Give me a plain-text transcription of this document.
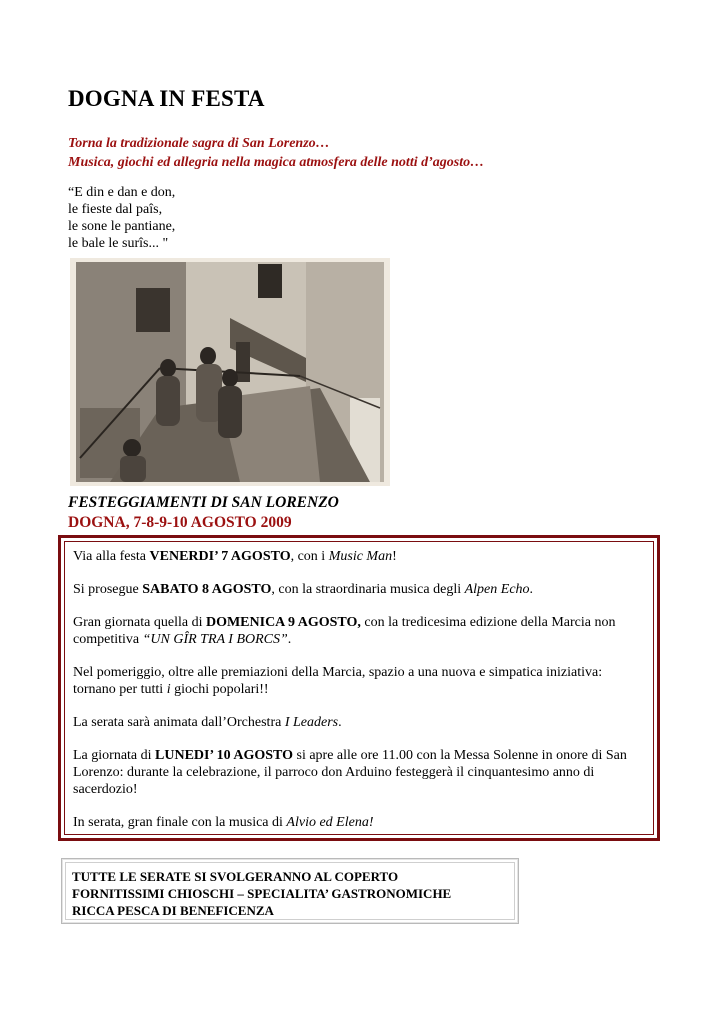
DOGNA IN FESTA
Torna la tradizionale sagra di San Lorenzo…
Musica, giochi ed allegria nella magica atmosfera delle notti d’agosto…
“E din e dan e don,
le fieste dal paîs,
le sone le pantiane,
le bale le surîs... "
FESTEGGIAMENTI DI SAN LORENZO
DOGNA, 7-8-9-10 AGOSTO 2009

Via alla festa VENERDI’ 7 AGOSTO, con i Music Man!

Si prosegue SABATO 8 AGOSTO, con la straordinaria musica degli Alpen Echo.

Gran giornata quella di DOMENICA 9 AGOSTO, con la tredicesima edizione della Marcia non competitiva “UN GÎR TRA I BORCS”.

Nel pomeriggio, oltre alle premiazioni della Marcia, spazio a una nuova e simpatica iniziativa: tornano per tutti i giochi popolari!!

La serata sarà animata dall’Orchestra I Leaders.

La giornata di LUNEDI’ 10 AGOSTO si apre alle ore 11.00 con la Messa Solenne in onore di San Lorenzo: durante la celebrazione, il parroco don Arduino festeggerà il cinquantesimo anno di sacerdozio!

In serata, gran finale con la musica di Alvio ed Elena!

TUTTE LE SERATE SI SVOLGERANNO AL COPERTO
FORNITISSIMI CHIOSCHI – SPECIALITA’ GASTRONOMICHE
RICCA PESCA DI BENEFICENZA
